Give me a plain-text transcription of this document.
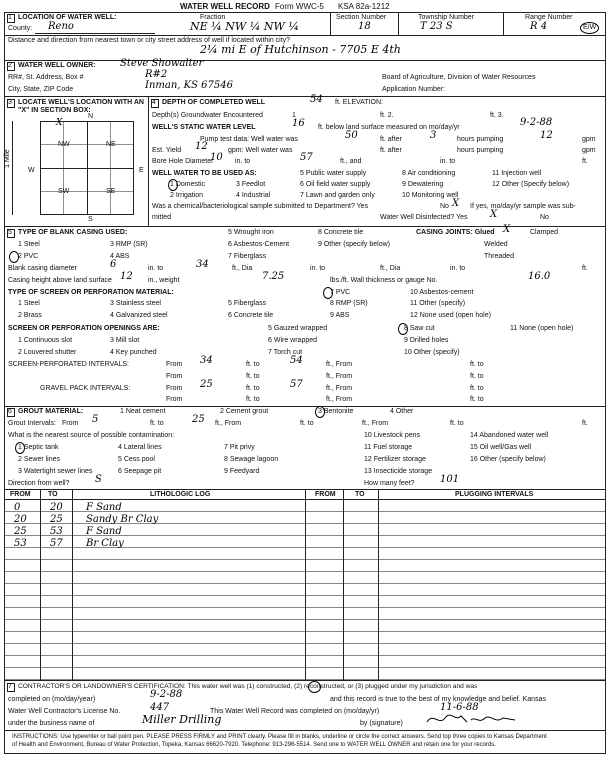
WATER WELL RECORD Form WWC-5 KSA 82a-1212
1 LOCATION OF WATER WELL:	Fraction	Section Number	Township Number	Range Number
County: Reno	NE ¼ NW ¼ NW ¼	18	T 23 S	R 4	E/W
Distance and direction from nearest town or city street address of well if located within city?
2¼ mi E of Hutchinson - 7705 E 4th
2 WATER WELL OWNER: Steve Showalter
RR#, St. Address, Box #	R#2	Board of Agriculture, Division of Water Resources
City, State, ZIP Code	Inman, KS 67546	Application Number:
3 LOCATE WELL'S LOCATION WITH AN "X" IN SECTION BOX:
N
S
W	E
1 Mile
NW	NE
SW	SE
X
4 DEPTH OF COMPLETED WELL	54 ft. ELEVATION:
Depth(s) Groundwater Encountered	1	ft. 2.	ft. 3.
WELL'S STATIC WATER LEVEL	16 ft. below land surface measured on mo/day/yr	9-2-88
Pump test data: Well water was	50	ft. after	3	hours pumping	12	gpm
Est. Yield 12	gpm: Well water was	ft. after	hours pumping	gpm
Bore Hole Diameter
10 in. to	57	ft., and	in. to	ft.
WELL WATER TO BE USED AS:
1 Domestic	3 Feedlot
5 Public water supply	8 Air conditioning	11 Injection well
2 Irrigation	4 Industrial	7 Lawn and garden only
9 Dewatering	12 Other (Specify below)
6 Oil field water supply
10 Monitoring well
Was a chemical/bacteriological sample submitted to Department? Yes	No X If yes, mo/day/yr sample was sub-
mitted	Water Well Disinfected? Yes X	No
5 TYPE OF BLANK CASING USED:
1 Steel	3 RMP (SR)
5 Wrought iron	8 Concrete tile
2 PVC	4 ABS
6 Asbestos-Cement	9 Other (specify below)
7 Fiberglass
CASING JOINTS: Glued X	Clamped
Welded
Threaded
Blank casing diameter	6	in. to	34	ft., Dia	in. to	ft., Dia	in. to	ft.
Casing height above land surface 12 in., weight	7.25	lbs./ft. Wall thickness or gauge No.	16.0
TYPE OF SCREEN OR PERFORATION MATERIAL:
1 Steel	3 Stainless steel	5 Fiberglass
7 PVC	10 Asbestos-cement
2 Brass	4 Galvanized steel	6 Concrete tile
8 RMP (SR)	11 Other (specify)
9 ABS	12 None used (open hole)
SCREEN OR PERFORATION OPENINGS ARE:
1 Continuous slot	3 Mill slot
5 Gauzed wrapped	8 Saw cut	11 None (open hole)
2 Louvered shutter	4 Key punched
6 Wire wrapped	9 Drilled holes
7 Torch cut	10 Other (specify)
SCREEN-PERFORATED INTERVALS:	From 34	ft. to	54	ft., From	ft. to
From	ft. to	ft., From	ft. to
GRAVEL PACK INTERVALS:	From 25	ft. to	57	ft., From	ft. to
From	ft. to	ft., From	ft. to
6 GROUT MATERIAL:	1 Neat cement	2 Cement grout	3 Bentonite	4 Other
Grout Intervals: From 5	ft. to	25 ft., From	ft. to	ft., From	ft. to	ft.
What is the nearest source of possible contamination:
1 Septic tank	4 Lateral lines	7 Pit privy
10 Livestock pens	14 Abandoned water well
2 Sewer lines	5 Cess pool	8 Sewage lagoon
11 Fuel storage	15 Oil well/Gas well
3 Watertight sewer lines	6 Seepage pit	9 Feedyard
12 Fertilizer storage	16 Other (specify below)
13 Insecticide storage
Direction from well?	S	How many feet?	101
FROM TO	LITHOLOGIC LOG	FROM	TO	PLUGGING INTERVALS
0	20 F Sand
20 25 Sandy Br Clay
25 53 F Sand
53 57 Br Clay
7 CONTRACTOR'S OR LANDOWNER'S CERTIFICATION: This water well was (1) constructed, (2) reconstructed, or (3) plugged under my jurisdiction and was
completed on (mo/day/year)	9-2-88	and this record is true to the best of my knowledge and belief. Kansas
Water Well Contractor's License No.	447	This Water Well Record was completed on (mo/day/yr)	11-6-88
under the business name of	Miller Drilling	by (signature)
INSTRUCTIONS: Use typewriter or ball point pen. PLEASE PRESS FIRMLY and PRINT clearly. Please fill in blanks, underline or circle the correct answers. Send top three copies to Kansas Department
of Health and Environment, Bureau of Water Protection, Topeka, Kansas 66620-7920. Telephone: 913-296-5514. Send one to WATER WELL OWNER and retain one for your records.
